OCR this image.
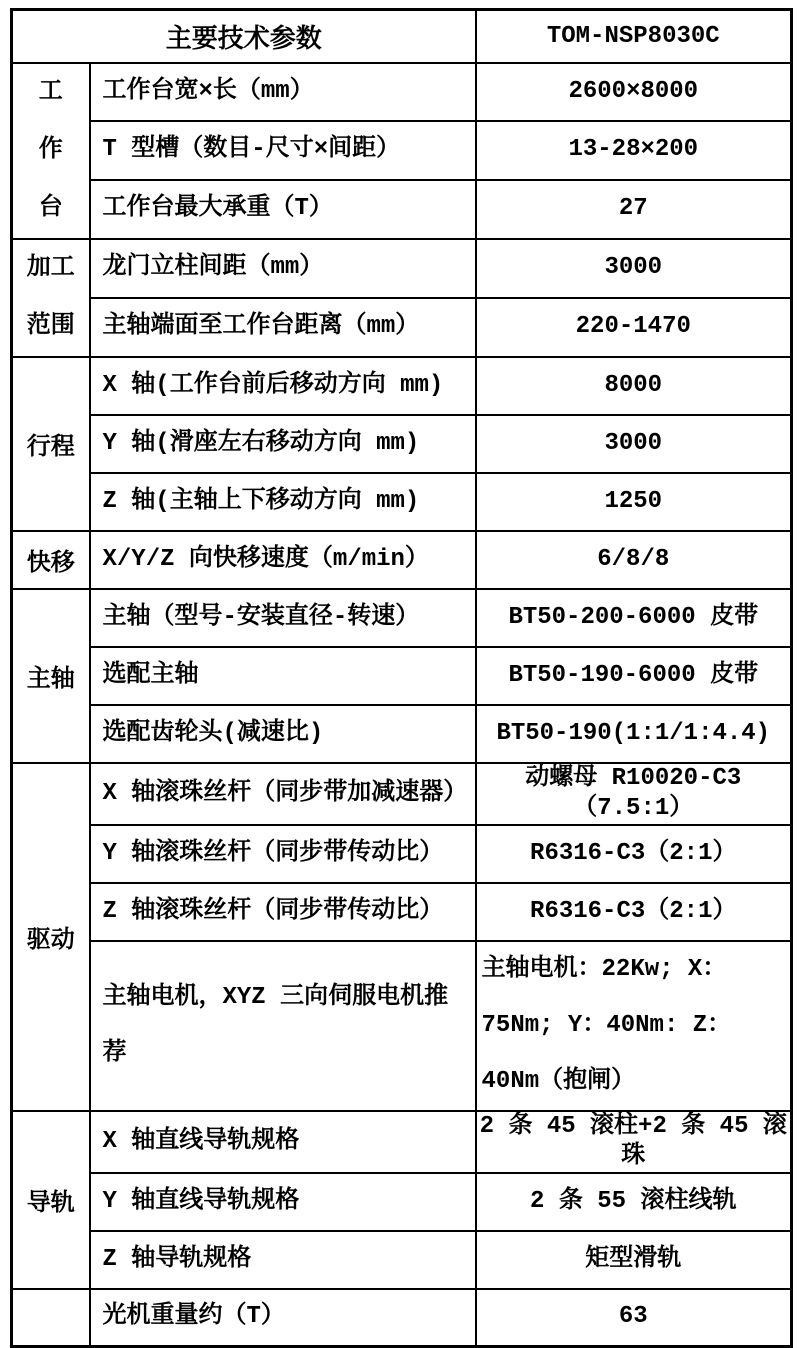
主要技术参数		TOM-NSP8030C

工
作
台	工作台宽×长（mm）	2600×8000
	T 型槽（数目-尺寸×间距）	13-28×200
	工作台最大承重（T）	27

加工
范围	龙门立柱间距（mm）	3000
	主轴端面至工作台距离（mm）	220-1470
行程	X 轴(工作台前后移动方向 mm)	8000
	Y 轴(滑座左右移动方向 mm)	3000
	Z 轴(主轴上下移动方向 mm)	1250
快移	X/Y/Z 向快移速度（m/min）	6/8/8
主轴	主轴（型号-安装直径-转速）	BT50-200-6000 皮带
	选配主轴	BT50-190-6000 皮带
	选配齿轮头(减速比)	BT50-190(1:1/1:4.4)
驱动	X 轴滚珠丝杆（同步带加减速器）	动螺母 R10020-C3（7.5:1）
	Y 轴滚珠丝杆（同步带传动比）	R6316-C3（2:1）
	Z 轴滚珠丝杆（同步带传动比）	R6316-C3（2:1）
	主轴电机，XYZ 三向伺服电机推荐	主轴电机：22Kw; X：75Nm; Y：40Nm: Z：40Nm（抱闸）
导轨	X 轴直线导轨规格	2 条 45 滚柱+2 条 45 滚珠
	Y 轴直线导轨规格	2 条 55 滚柱线轨
	Z 轴导轨规格	矩型滑轨
	光机重量约（T）	63
